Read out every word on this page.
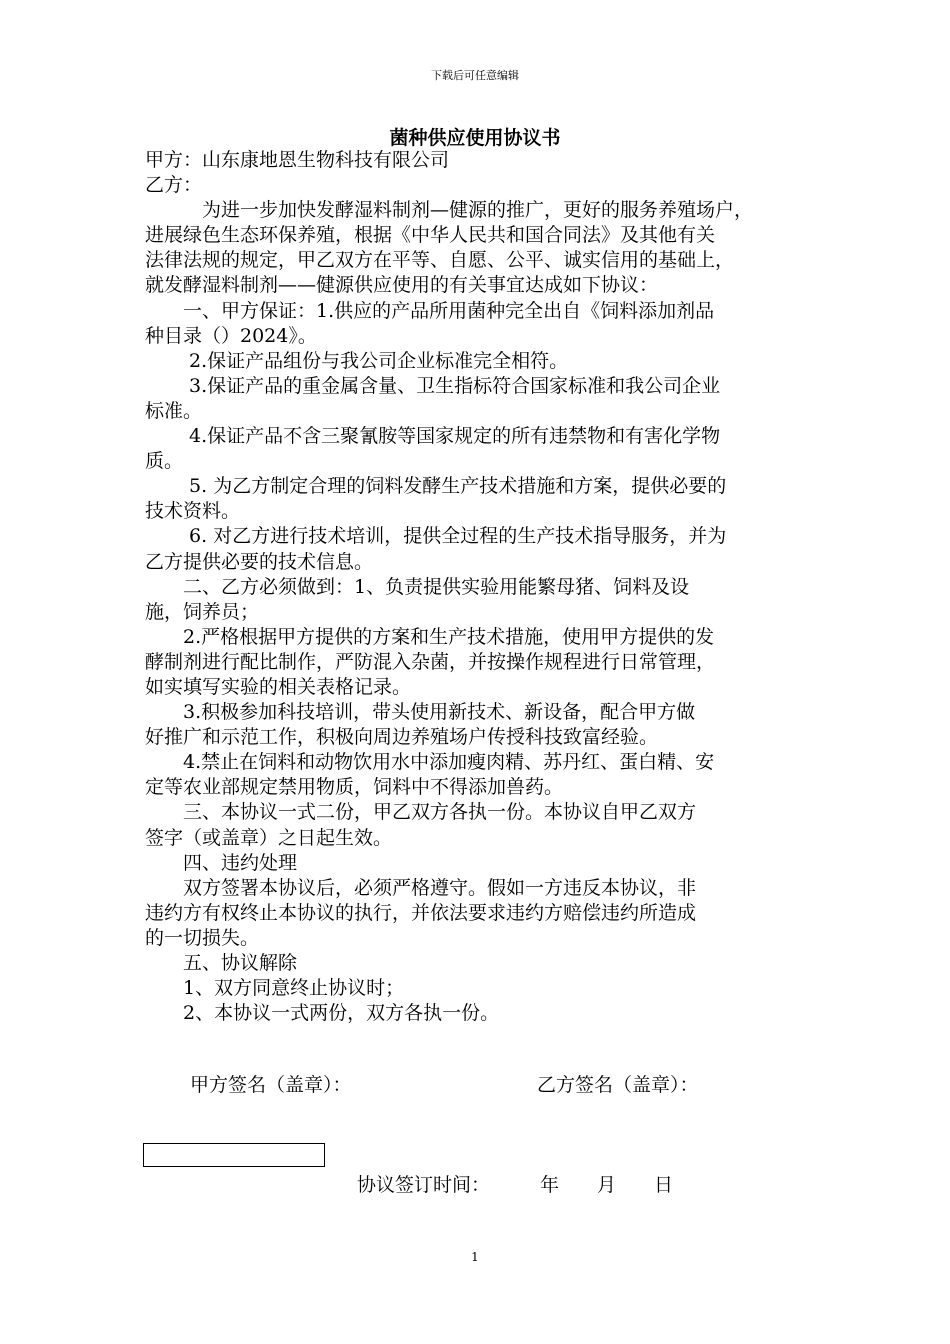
下载后可任意编辑
菌种供应使用协议书

甲方：山东康地恩生物科技有限公司

乙方：

　　　为进一步加快发酵湿料制剂—健源的推广，更好的服务养殖场户，

进展绿色生态环保养殖，根据《中华人民共和国合同法》及其他有关

法律法规的规定，甲乙双方在平等、自愿、公平、诚实信用的基础上，

就发酵湿料制剂——健源供应使用的有关事宜达成如下协议：

　　一、甲方保证：1.供应的产品所用菌种完全出自《饲料添加剂品

种目录（）2024》。

　　 2.保证产品组份与我公司企业标准完全相符。

　　 3.保证产品的重金属含量、卫生指标符合国家标准和我公司企业

标准。

　　 4.保证产品不含三聚氰胺等国家规定的所有违禁物和有害化学物

质。

　　 5. 为乙方制定合理的饲料发酵生产技术措施和方案，提供必要的

技术资料。

　　 6. 对乙方进行技术培训，提供全过程的生产技术指导服务，并为

乙方提供必要的技术信息。

　　二、乙方必须做到：1、负责提供实验用能繁母猪、饲料及设

施，饲养员；

　　2.严格根据甲方提供的方案和生产技术措施，使用甲方提供的发

酵制剂进行配比制作，严防混入杂菌，并按操作规程进行日常管理，

如实填写实验的相关表格记录。

　　3.积极参加科技培训，带头使用新技术、新设备，配合甲方做

好推广和示范工作，积极向周边养殖场户传授科技致富经验。

　　4.禁止在饲料和动物饮用水中添加瘦肉精、苏丹红、蛋白精、安

定等农业部规定禁用物质，饲料中不得添加兽药。

　　三、本协议一式二份，甲乙双方各执一份。本协议自甲乙双方

签字（或盖章）之日起生效。

　　四、违约处理

　　双方签署本协议后，必须严格遵守。假如一方违反本协议，非

违约方有权终止本协议的执行，并依法要求违约方赔偿违约所造成

的一切损失。

　　五、协议解除

　　1、双方同意终止协议时；

　　2、本协议一式两份，双方各执一份。

甲方签名（盖章）：	乙方签名（盖章）：
协议签订时间：	年 月 日
1
